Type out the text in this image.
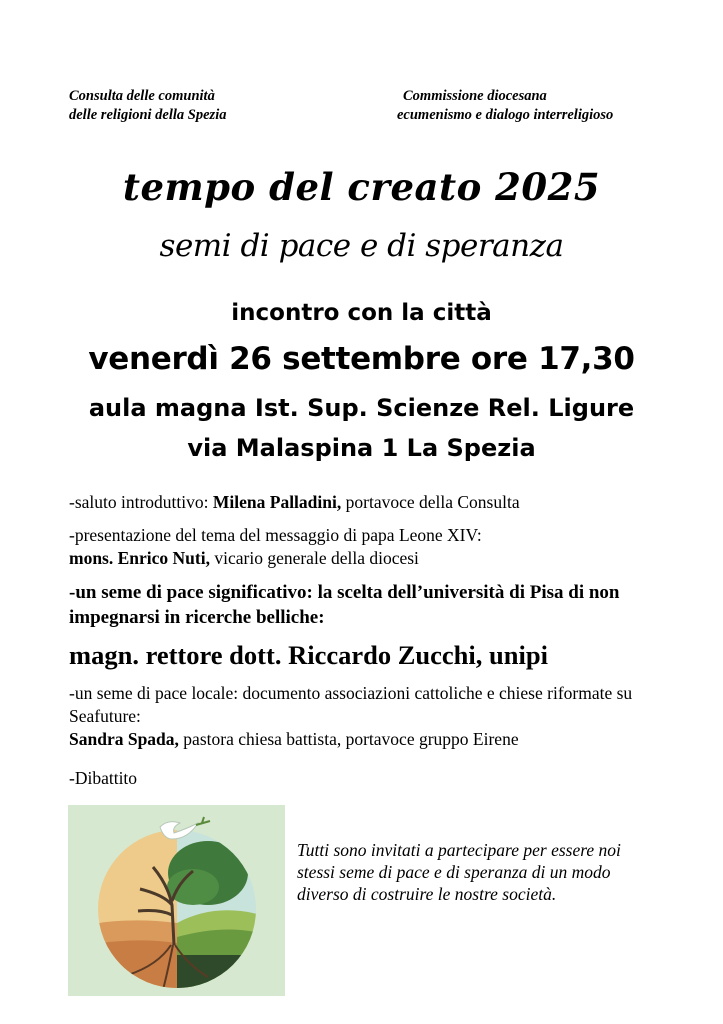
Consulta delle comunità
delle religioni della Spezia
Commissione diocesana
ecumenismo e dialogo interreligioso
tempo del creato 2025
semi di pace e di speranza
incontro con la città
venerdì 26 settembre ore 17,30
aula magna Ist. Sup. Scienze Rel. Ligure
via Malaspina 1 La Spezia
-saluto introduttivo: Milena Palladini, portavoce della Consulta
-presentazione del tema del messaggio di papa Leone XIV:
mons. Enrico Nuti, vicario generale della diocesi
-un seme di pace significativo: la scelta dell’università di Pisa di non impegnarsi in ricerche belliche:
magn. rettore dott. Riccardo Zucchi, unipi
-un seme di pace locale: documento associazioni cattoliche e chiese riformate su Seafuture:
Sandra Spada, pastora chiesa battista, portavoce gruppo Eirene
-Dibattito
Tutti sono invitati a partecipare per essere noi stessi seme di pace e di speranza di un modo diverso di costruire le nostre società.
